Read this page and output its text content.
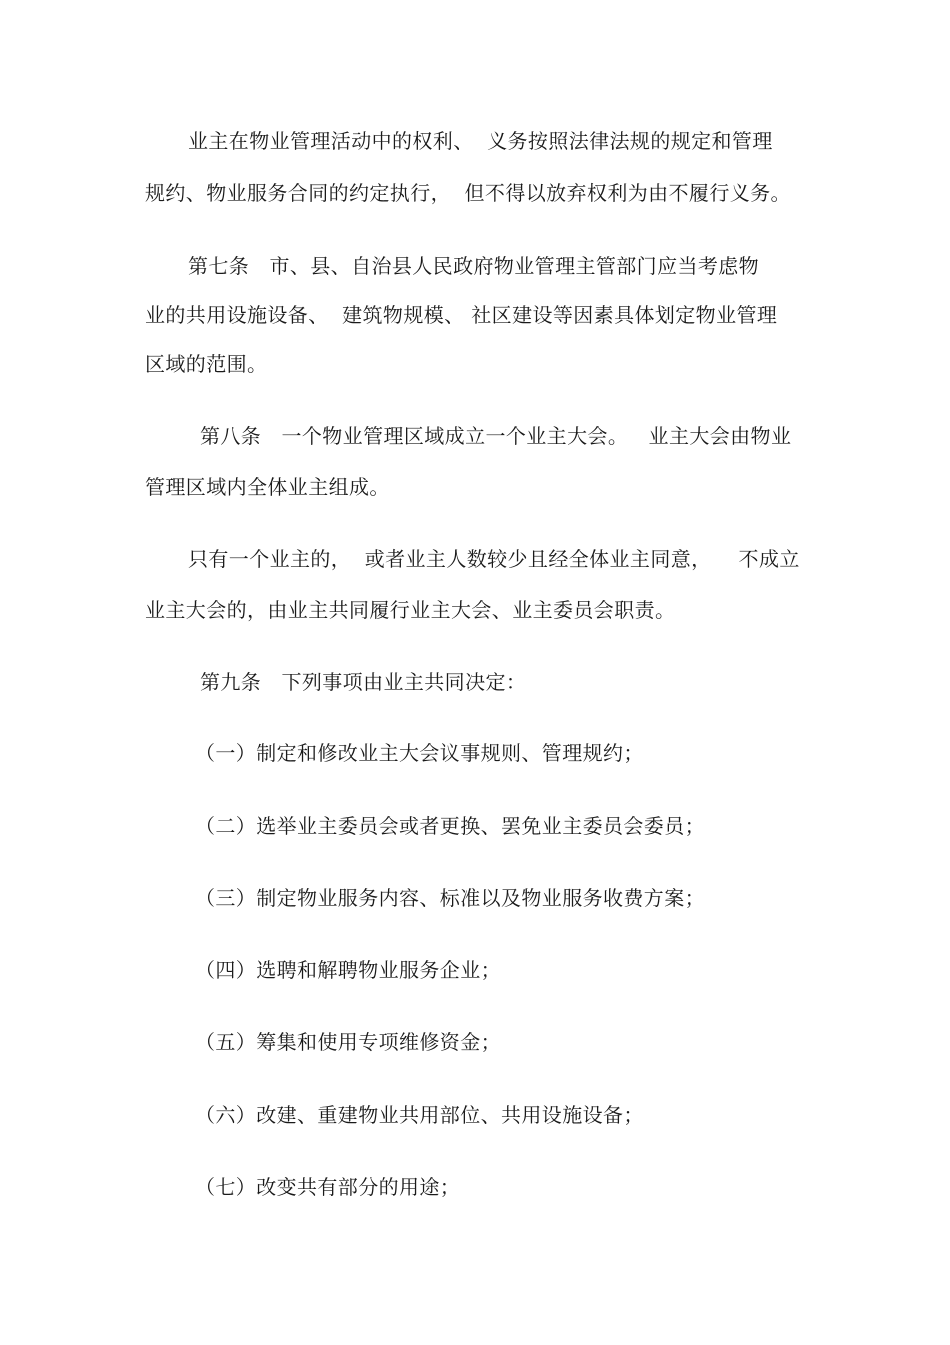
业主在物业管理活动中的权利、  义务按照法律法规的规定和管理
规约、物业服务合同的约定执行，  但不得以放弃权利为由不履行义务。
第七条   市、县、自治县人民政府物业管理主管部门应当考虑物
业的共用设施设备、  建筑物规模、 社区建设等因素具体划定物业管理
区域的范围。
第八条   一个物业管理区域成立一个业主大会。   业主大会由物业
管理区域内全体业主组成。
只有一个业主的，  或者业主人数较少且经全体业主同意，    不成立
业主大会的，由业主共同履行业主大会、业主委员会职责。
第九条   下列事项由业主共同决定：
（一）制定和修改业主大会议事规则、管理规约；
（二）选举业主委员会或者更换、罢免业主委员会委员；
（三）制定物业服务内容、标准以及物业服务收费方案；
（四）选聘和解聘物业服务企业；
（五）筹集和使用专项维修资金；
（六）改建、重建物业共用部位、共用设施设备；
（七）改变共有部分的用途；
